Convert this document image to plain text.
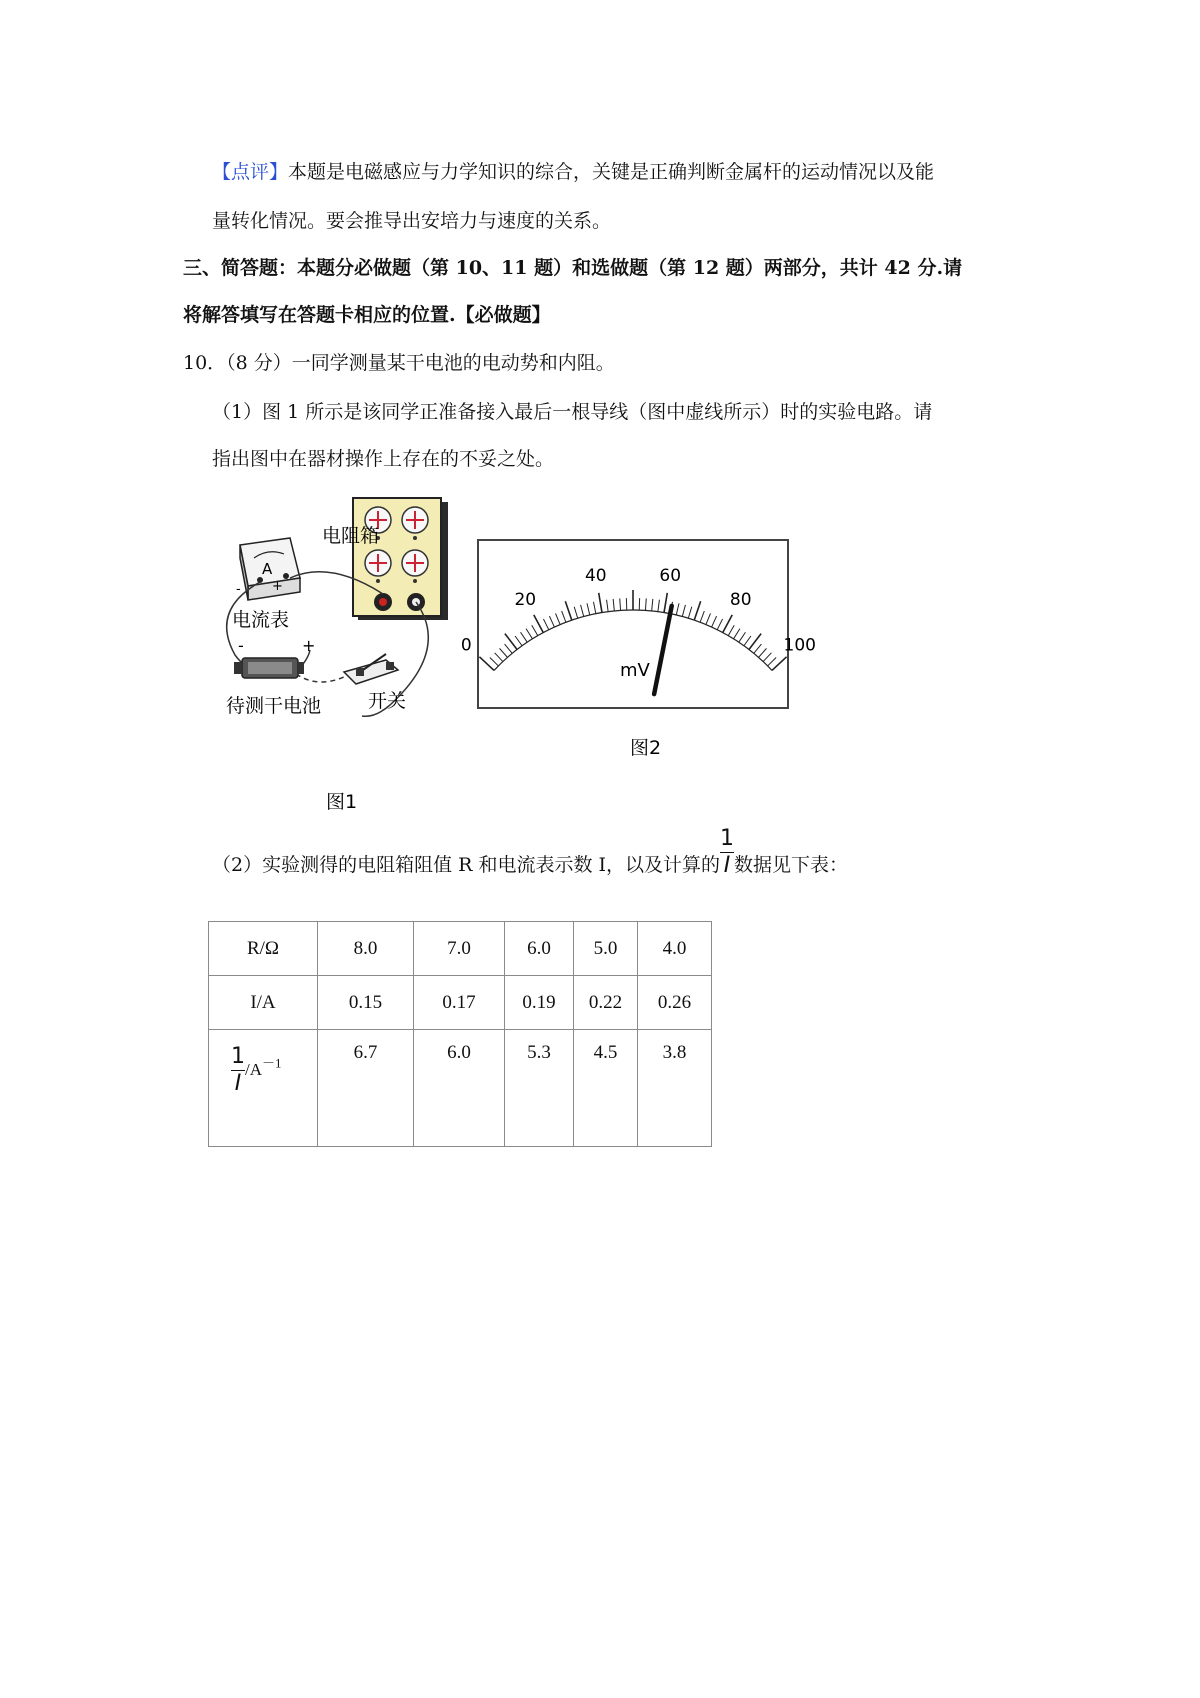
【点评】本题是电磁感应与力学知识的综合，关键是正确判断金属杆的运动情况以及能
量转化情况。要会推导出安培力与速度的关系。
三、简答题：本题分必做题（第 10、11 题）和选做题（第 12 题）两部分，共计 42 分.请
将解答填写在答题卡相应的位置.【必做题】
10．（8 分）一同学测量某干电池的电动势和内阻。
（1）图 1 所示是该同学正准备接入最后一根导线（图中虚线所示）时的实验电路。请
指出图中在器材操作上存在的不妥之处。
电阻箱
A
- +
电流表
-	+
待测干电池 开关
图1
0
20
40	60
80
100
mV
图2
（2）实验测得的电阻箱阻值 R 和电流表示数 I，以及计算的 $\frac{1}{I}$ 数据见下表：
R/Ω	8.0	7.0	6.0	5.0	4.0
I/A	0.15	0.17	0.19	0.22	0.26

$\frac{1}{I} /A^{-1}$	6.7	6.0	5.3	4.5	3.8
